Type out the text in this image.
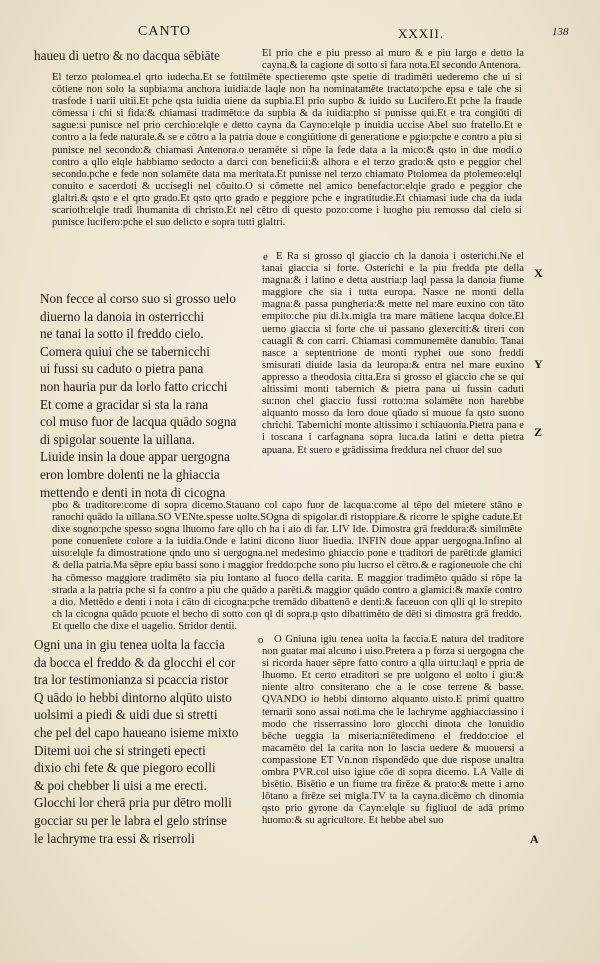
CANTO	XXXII.	138
haueu di uetro & no dacqua sēbiāte	El prio che e piu presso al muro & e piu largo e detto la cayna.& la cagione di sotto si fara nota.El secondo Antenora.

El terzo ptolomea.el qrto iudecha.Et se fottilmēte spectieremo qste spetie di tradimēti uederemo che ui si cōtiene non solo la supbia:ma anchora iuidia:de laqle non ha nominatamēte tractato:pche epsa e tale che si trasfode i uarii uitii.Et pche qsta iuidia uiene da supbia.El prio supbo & iuido su Lucifero.Et pche la fraude cōmessa i chi si fida:& chiamasi tradimēto:e da supbia & da iuidia:pho si punisse qui.Et e tra congiūti di sague:si punisce nel prio cerchio:elqle e detto cayna da Cayno:elqle p inuidia uccise Abel suo fratello.Et e contro a la fede naturale.& se e cōtro a la patria doue e congiūtione di generatione e pgio:pche e contro a piu si punisce nel secondo:& chiamasi Antenora.o ueramēte si rōpe la fede data a la mico:& qsto in due modi.o contro a qllo elqle habbiamo sedocto a darci con beneficii:& alhora e el terzo grado:& qsto e peggior chel secondo.pche e fede non solamēte data ma meritata.Et punisse nel terzo chiamato Ptolomea da ptolemeo:elql conuito e sacerdoti & uccisegli nel cōuito.O si cōmette nel amico benefactor:elqle grado e peggior che glaltri.& qsto e el qrto grado.Et qsto qrto grado e peggiore pche e ingratitudie.Et chiamasi iude cha da iuda scarioth:elqle tradi lhumanita di christo.Et nel cētro di questo pozo:come i luogho piu remosso dal cielo si punisce lucifero:pche el suo delicto e sopra tutti glaltri.

e
Non fecce al corso suo si grosso uelo
diuerno la danoia in osterricchi
ne tanai la sotto il freddo cielo.
Comera quiui che se tabernicchi
ui fussi su caduto o pietra pana
non hauria pur da lorlo fatto cricchi
Et come a gracidar si sta la rana
col muso fuor de lacqua quādo sogna
di spigolar souente la uillana.
Liuide insin la doue appar uergogna
eron lombre dolenti ne la ghiaccia
mettendo e denti in nota di cicogna

E Ra si grosso ql giaccio ch la danoia i osterichi.Ne el tanai giaccia si forte. Osterichi e la piu fredda pte della magna:& i latino e detta austria:p laql passa la danoia fiume maggiore che sia i tutta europa. Nasce ne monti della magna:& passa pungheria:& mette nel mare euxino con tāto empito:che piu di.lx.migla tra mare mātiene lacqua dolce.El uerno giaccia si forte che ui passano glexerciti:& tireri con cauagli & con carri. Chiamasi communemēte danubio. Tanai nasce a septentrione de monti ryphei oue sono freddi smisurati diuide lasia da leuropa:& entra nel mare euxino appresso a theodosia citta.Era si grosso el giaccio che se qui altissimi monti tabernich & pietra pana ui fussin caduti su:non chel giaccio fussi rotto:ma solamēte non harebbe alquanto mosso da loro doue qūado si muoue fa qsto suono chrichi. Tabernichi monte altissimo i schiauonia.Pietra pana e i toscana i carfagnana sopra luca.da latini e detta pietra apuana. Et suero e grādissima freddura nel chuor del suo

X
Y
Z

pbo & traditore:come di sopra dicemo.Stauano col capo fuor de lacqua:come al tēpo del mietere stāno e ranochi quādo la uillana.SO VENte.spesse uolte.SOgna di spigolar.di ristoppiare.& ricorre le spighe cadute.Et dixe sogno:pche spesso sogna lhuomo fare qllo ch ha i aio di far. LIV Ide. Dimostra grā freddura:& similmēte pone conuenīete colore a la iuidia.Onde e latini dicono liuor liuedia. INFIN doue appar uergogna.Infino al uiso:elqle fa dimostratione qndo uno si uergogna.nel medesimo ghiaccio pone e traditori de parēti:de glamici & della patria.Ma sēpre epiu bassi sono i maggior freddo:pche sono piu lucrso el cētro.& e ragioneuole che chi ha cōmesso maggiore tradimēto sia piu lontano al fuoco della carita. E maggior tradimēto quādo si rōpe la strada a la patria pche si fa contro a piu che quādo a parēti.& maggior quādo contro a glamici:& maxīe contro a dio. Mettēdo e denti i nota i cāto di cicogna:pche tremādo dibattenō e denti:& faceuon con qlli ql lo strepito ch la cicogna quādo pcuote el becho di sotto con ql di sopra.p qsto dibattimēto de dēti si dimostra grā freddo. Et quello che dixe el uagelio. Stridor dentii.

Ogni una in giu tenea uolta la faccia
da bocca el freddo & da glocchi el cor
tra lor testimonianza si pcaccia ristor
Q uādo io hebbi dintorno alqūto uisto
uolsimi a piedi & uidi due si stretti
che pel del capo haueano isieme mixto
Ditemi uoi che si stringeti epecti
dixio chi fete & que piegoro ecolli
& poi chebber li uisi a me erecti.
Glocchi lor cherā pria pur dētro molli
gocciar su per le labra el gelo strinse
le lachryme tra essi & riserroli
o O Gniuna igiu tenea uolta la faccia.E natura del traditore non guatar mai alcuno i uiso.Pretera a p forza si uergogna che si ricorda hauer sēpre fatto contro a qlla uirtu:laql e ppria de lhuomo. Et certo etraditori se pre uolgono el uolto i giu:& niente altro consiterano che a le cose terrene & basse. QVANDO io hebbi dintorno alquanto uisto.E primi quattro ternarii sono assai noti.ma che le lachryme agghiacciassino i modo che risserrassino loro glocchi dinota che lonuidio bēche ueggia la miseria:niētedimeno el freddo:cioe el macamēto del la carita non lo lascia uedere & muouersi a compassione ET Vn.non rispondēdo que due rispose unaltra ombra PVR.col uiso igiue cōe di sopra dicemo. LA Valle di bisētio. Bisētio e un fiume tra firēze & prato:& mette i arno lōtano a firēze sei migla.TV ta la cayna.dicēmo ch dinomia qsto prio gyrone da Cayn:elqle su figliuol de adā primo huomo:& su agricultore. Et hebbe abel suo

A
